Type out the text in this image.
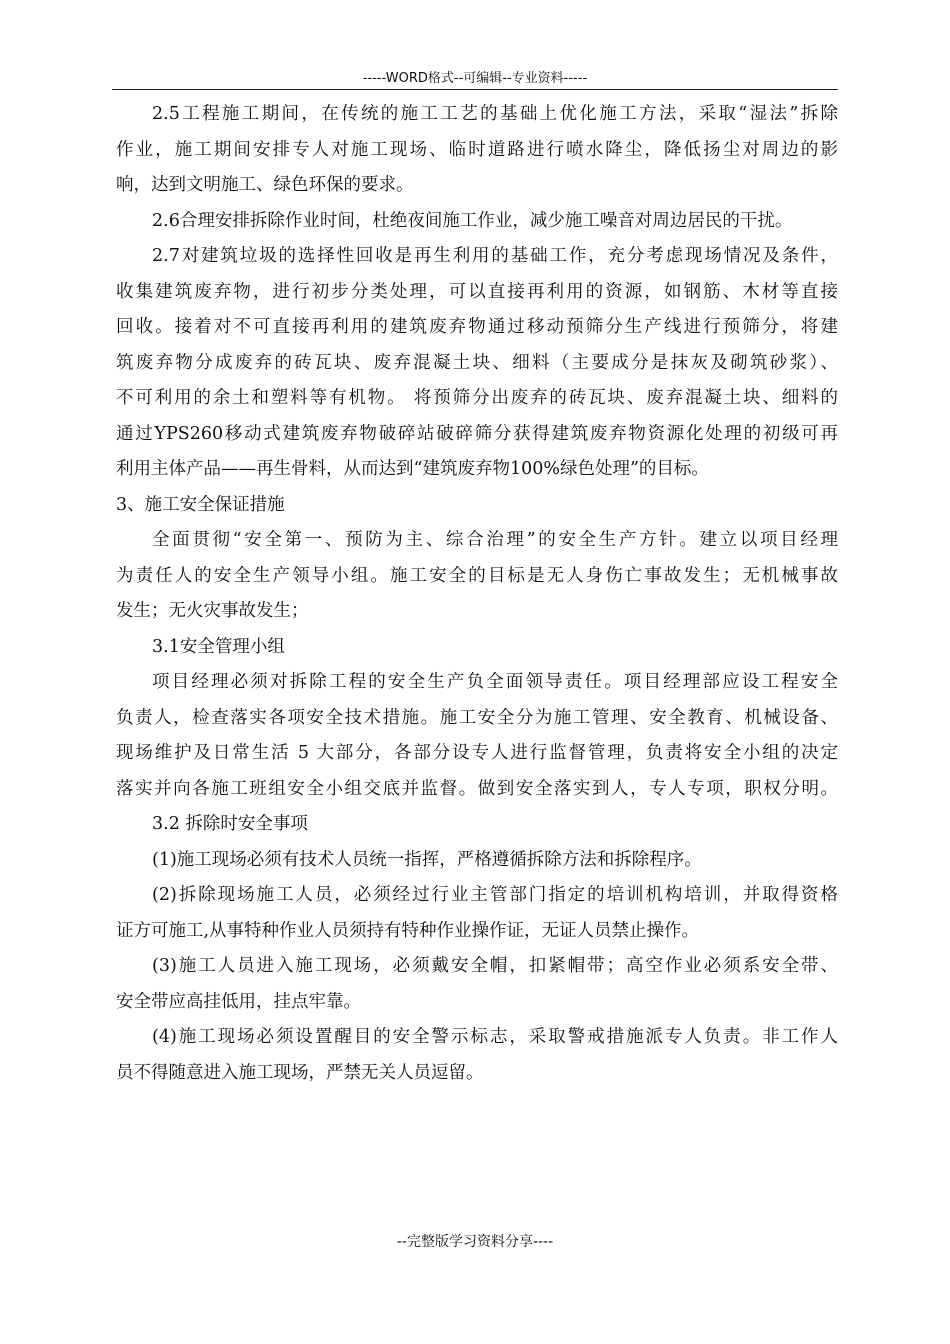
-----WORD格式--可编辑--专业资料-----
2.5工程施工期间，在传统的施工工艺的基础上优化施工方法，采取“湿法”拆除
作业，施工期间安排专人对施工现场、临时道路进行喷水降尘，降低扬尘对周边的影
响，达到文明施工、绿色环保的要求。
2.6合理安排拆除作业时间，杜绝夜间施工作业，减少施工噪音对周边居民的干扰。
2.7对建筑垃圾的选择性回收是再生利用的基础工作，充分考虑现场情况及条件，
收集建筑废弃物，进行初步分类处理，可以直接再利用的资源，如钢筋、木材等直接
回收。接着对不可直接再利用的建筑废弃物通过移动预筛分生产线进行预筛分，将建
筑废弃物分成废弃的砖瓦块、废弃混凝土块、细料（主要成分是抹灰及砌筑砂浆）、
不可利用的余土和塑料等有机物。 将预筛分出废弃的砖瓦块、废弃混凝土块、细料的
通过YPS260移动式建筑废弃物破碎站破碎筛分获得建筑废弃物资源化处理的初级可再
利用主体产品——再生骨料，从而达到“建筑废弃物100%绿色处理”的目标。
3、施工安全保证措施
全面贯彻“安全第一、预防为主、综合治理”的安全生产方针。建立以项目经理
为责任人的安全生产领导小组。施工安全的目标是无人身伤亡事故发生；无机械事故
发生；无火灾事故发生；
3.1安全管理小组
项目经理必须对拆除工程的安全生产负全面领导责任。项目经理部应设工程安全
负责人，检查落实各项安全技术措施。施工安全分为施工管理、安全教育、机械设备、
现场维护及日常生活 5 大部分，各部分设专人进行监督管理，负责将安全小组的决定
落实并向各施工班组安全小组交底并监督。做到安全落实到人，专人专项，职权分明。
3.2 拆除时安全事项
(1)施工现场必须有技术人员统一指挥，严格遵循拆除方法和拆除程序。
(2)拆除现场施工人员，必须经过行业主管部门指定的培训机构培训，并取得资格
证方可施工,从事特种作业人员须持有特种作业操作证，无证人员禁止操作。
(3)施工人员进入施工现场，必须戴安全帽，扣紧帽带；高空作业必须系安全带、
安全带应高挂低用，挂点牢靠。
(4)施工现场必须设置醒目的安全警示标志，采取警戒措施派专人负责。非工作人
员不得随意进入施工现场，严禁无关人员逗留。
--完整版学习资料分享----
